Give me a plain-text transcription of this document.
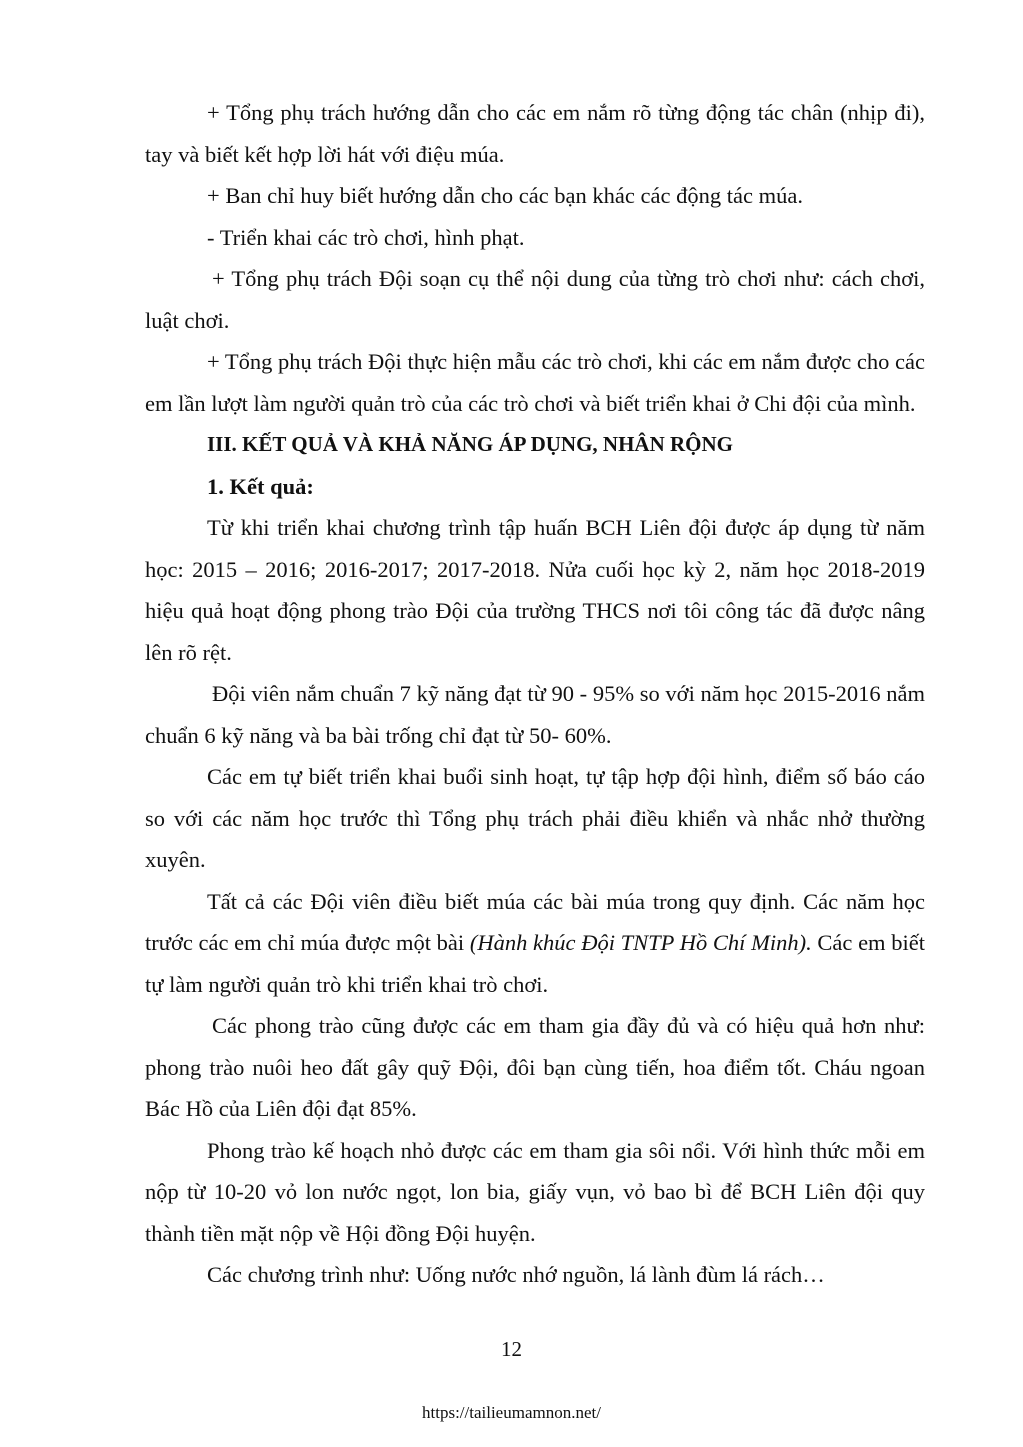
+ Tổng phụ trách hướng dẫn cho các em nắm rõ từng động tác chân (nhịp đi), tay và biết kết hợp lời hát với điệu múa.

+ Ban chỉ huy biết hướng dẫn cho các bạn khác các động tác múa.

- Triển khai các trò chơi, hình phạt.

+ Tổng phụ trách Đội soạn cụ thể nội dung của từng trò chơi như: cách chơi, luật chơi.

+ Tổng phụ trách Đội thực hiện mẫu các trò chơi, khi các em nắm được cho các em lần lượt làm người quản trò của các trò chơi và biết triển khai ở Chi đội của mình.

III. KẾT QUẢ VÀ KHẢ NĂNG ÁP DỤNG, NHÂN RỘNG

1. Kết quả:

Từ khi triển khai chương trình tập huấn BCH Liên đội được áp dụng từ năm học: 2015 – 2016; 2016-2017; 2017-2018. Nửa cuối học kỳ 2, năm học 2018-2019 hiệu quả hoạt động phong trào Đội của trường THCS nơi tôi công tác đã được nâng lên rõ rệt.

Đội viên nắm chuẩn 7 kỹ năng đạt từ 90 - 95% so với năm học 2015-2016 nắm chuẩn 6 kỹ năng và ba bài trống chỉ đạt từ 50- 60%.

Các em tự biết triển khai buổi sinh hoạt, tự tập hợp đội hình, điểm số báo cáo so với các năm học trước thì Tổng phụ trách phải điều khiển và nhắc nhở thường xuyên.

Tất cả các Đội viên điều biết múa các bài múa trong quy định. Các năm học trước các em chỉ múa được một bài (Hành khúc Đội TNTP Hồ Chí Minh). Các em biết tự làm người quản trò khi triển khai trò chơi.

Các phong trào cũng được các em tham gia đầy đủ và có hiệu quả hơn như: phong trào nuôi heo đất gây quỹ Đội, đôi bạn cùng tiến, hoa điểm tốt. Cháu ngoan Bác Hồ của Liên đội đạt 85%.

Phong trào kế hoạch nhỏ được các em tham gia sôi nổi. Với hình thức mỗi em nộp từ 10-20 vỏ lon nước ngọt, lon bia, giấy vụn, vỏ bao bì để BCH Liên đội quy thành tiền mặt nộp về Hội đồng Đội huyện.

Các chương trình như: Uống nước nhớ nguồn, lá lành đùm lá rách…

12
https://tailieumamnon.net/
